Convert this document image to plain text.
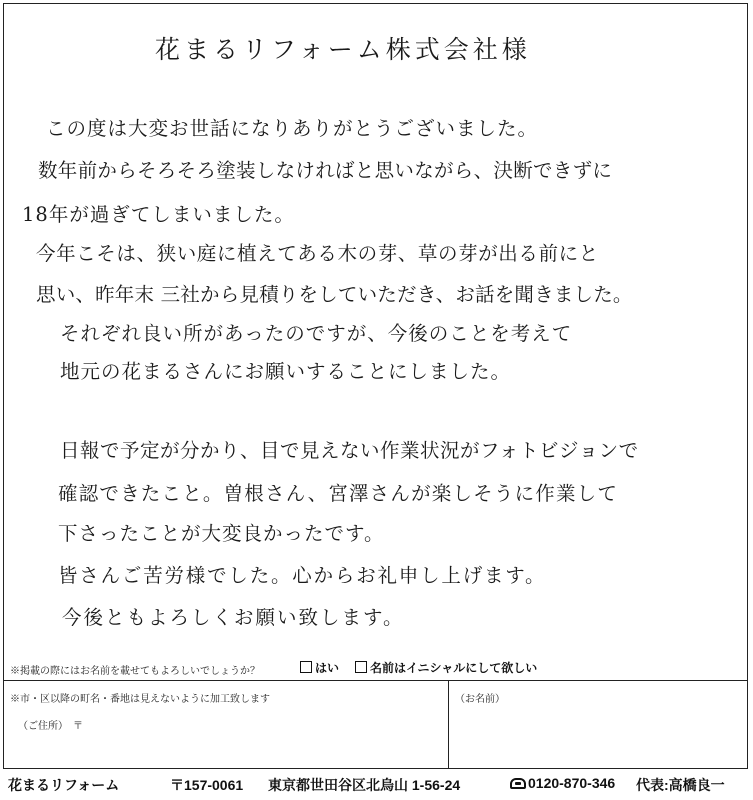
花まるリフォーム株式会社様
この度は大変お世話になりありがとうございました。
数年前からそろそろ塗装しなければと思いながら、決断できずに
18年が過ぎてしまいました。
今年こそは、狭い庭に植えてある木の芽、草の芽が出る前にと
思い、昨年末 三社から見積りをしていただき、お話を聞きました。
それぞれ良い所があったのですが、今後のことを考えて
地元の花まるさんにお願いすることにしました。
日報で予定が分かり、目で見えない作業状況がフォトビジョンで
確認できたこと。曽根さん、宮澤さんが楽しそうに作業して
下さったことが大変良かったです。
皆さんご苦労様でした。心からお礼申し上げます。
今後ともよろしくお願い致します。
※掲載の際にはお名前を載せてもよろしいでしょうか？	はい	名前はイニシャルにして欲しい
※市・区以降の町名・番地は見えないように加工致します
（ご住所）　〒
（お名前）
花まるリフォーム	〒157-0061 東京都世田谷区北烏山 1-56-24	0120-870-346 代表:高橋良一
